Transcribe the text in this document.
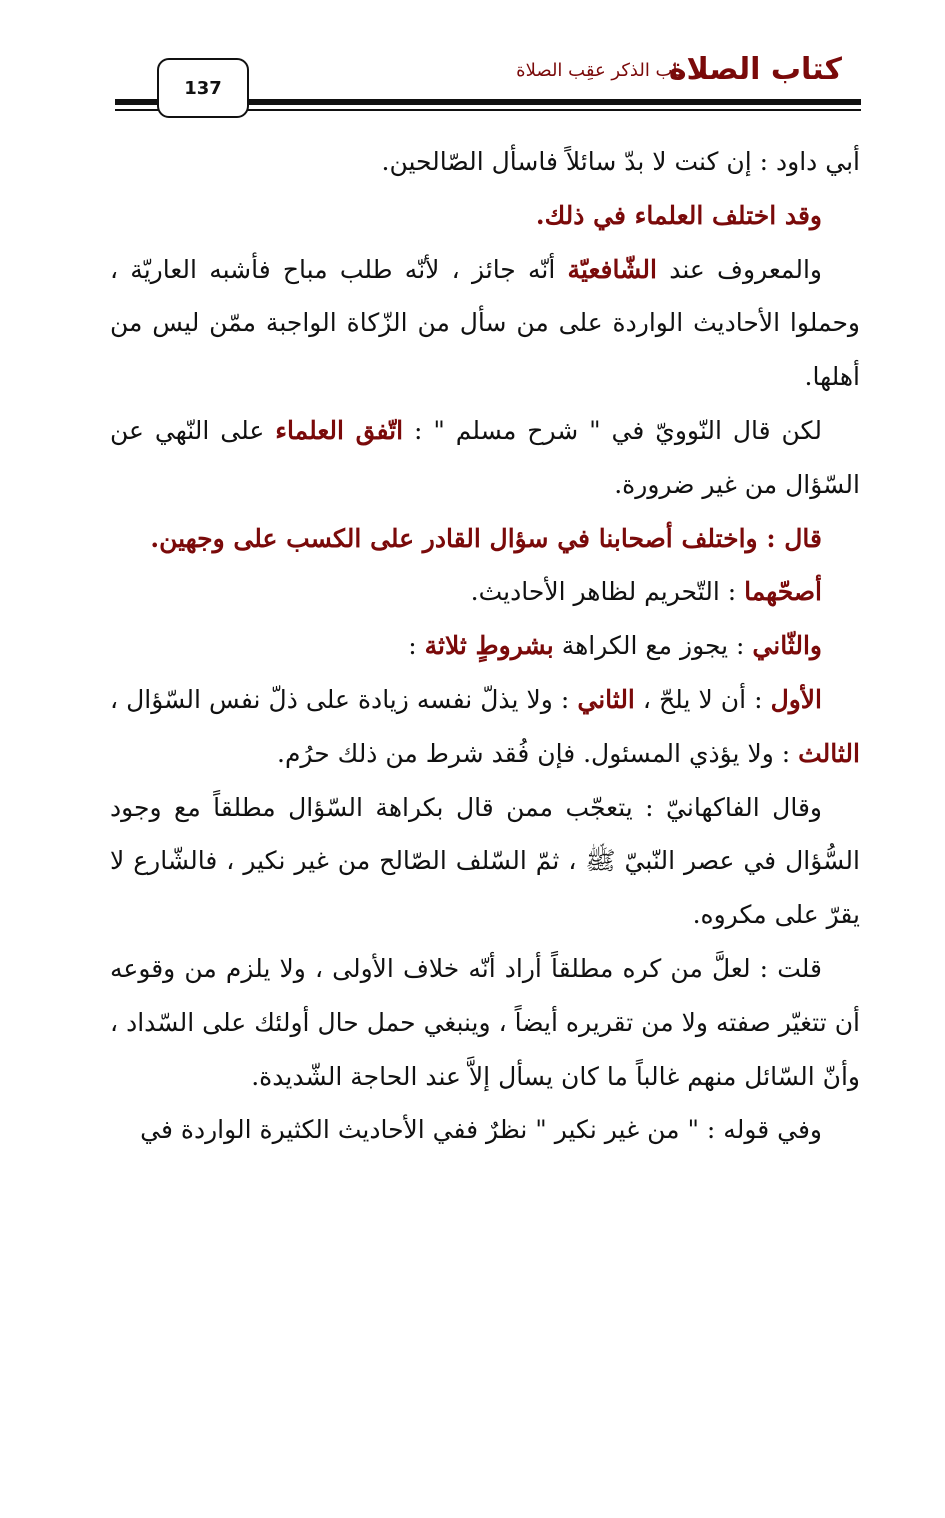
كتاب الصلاة
باب الذكر عقِب الصلاة
137

أبي داود : إن كنت لا بدّ سائلاً فاسأل الصّالحين.

وقد اختلف العلماء في ذلك.

والمعروف عند الشّافعيّة أنّه جائز ، لأنّه طلب مباح فأشبه العاريّة ، وحملوا الأحاديث الواردة على من سأل من الزّكاة الواجبة ممّن ليس من أهلها.

لكن قال النّوويّ في " شرح مسلم " : اتّفق العلماء على النّهي عن السّؤال من غير ضرورة.

قال : واختلف أصحابنا في سؤال القادر على الكسب على وجهين.

أصحّهما : التّحريم لظاهر الأحاديث.

والثّاني : يجوز مع الكراهة بشروطٍ ثلاثة :

الأول : أن لا يلحّ ، الثاني : ولا يذلّ نفسه زيادة على ذلّ نفس السّؤال ، الثالث : ولا يؤذي المسئول. فإن فُقد شرط من ذلك حرُم.

وقال الفاكهانيّ : يتعجّب ممن قال بكراهة السّؤال مطلقاً مع وجود السُّؤال في عصر النّبيّ ﷺ ، ثمّ السّلف الصّالح من غير نكير ، فالشّارع لا يقرّ على مكروه.

قلت : لعلَّ من كره مطلقاً أراد أنّه خلاف الأولى ، ولا يلزم من وقوعه أن تتغيّر صفته ولا من تقريره أيضاً ، وينبغي حمل حال أولئك على السّداد ، وأنّ السّائل منهم غالباً ما كان يسأل إلاَّ عند الحاجة الشّديدة.

وفي قوله : " من غير نكير " نظرٌ ففي الأحاديث الكثيرة الواردة في
